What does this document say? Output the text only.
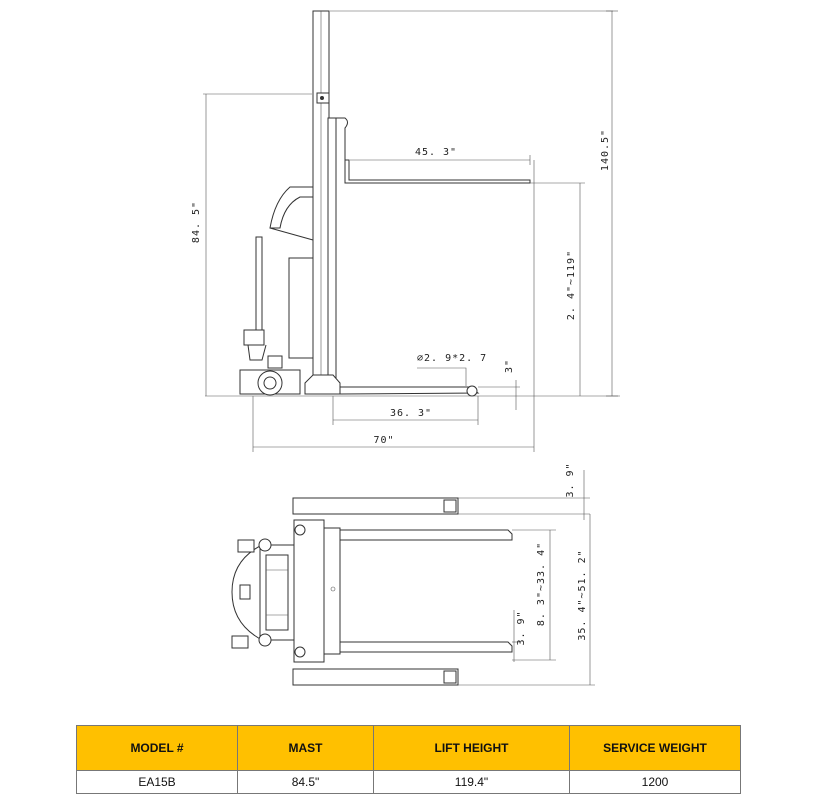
140.5"
84. 5"
45. 3"
2. 4"~119"
∅2. 9*2. 7
3"
36. 3"
70"
3. 9"
8. 3"~33. 4"
3. 9"	35. 4"~51. 2"
MODEL #	MAST	LIFT HEIGHT	SERVICE WEIGHT
EA15B	84.5"	119.4"	1200
